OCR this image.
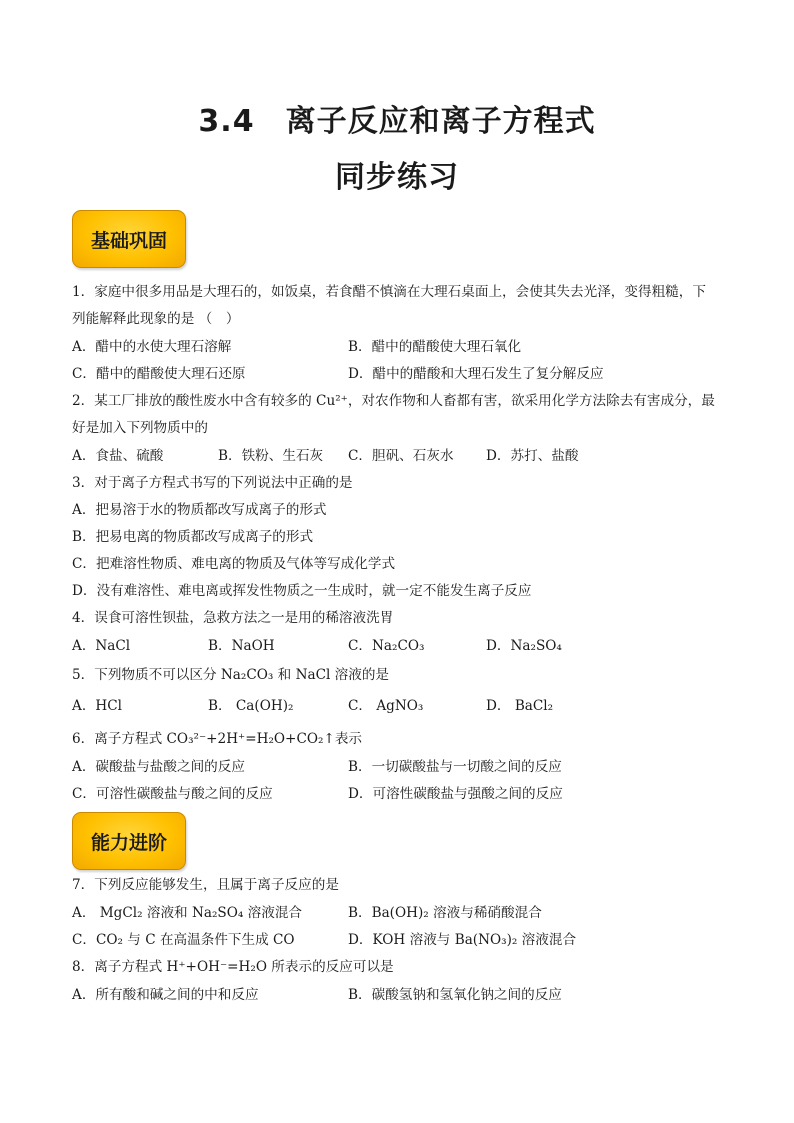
3.4　离子反应和离子方程式
同步练习
基础巩固
1．家庭中很多用品是大理石的，如饭桌，若食醋不慎滴在大理石桌面上，会使其失去光泽，变得粗糙，下
列能解释此现象的是 （　）
A．醋中的水使大理石溶解	B．醋中的醋酸使大理石氧化
C．醋中的醋酸使大理石还原	D．醋中的醋酸和大理石发生了复分解反应
2．某工厂排放的酸性废水中含有较多的 Cu²⁺，对农作物和人畜都有害，欲采用化学方法除去有害成分，最
好是加入下列物质中的
A．食盐、硫酸	B．铁粉、生石灰 C．胆矾、石灰水 D．苏打、盐酸
3．对于离子方程式书写的下列说法中正确的是
A．把易溶于水的物质都改写成离子的形式
B．把易电离的物质都改写成离子的形式
C．把难溶性物质、难电离的物质及气体等写成化学式
D．没有难溶性、难电离或挥发性物质之一生成时，就一定不能发生离子反应
4．误食可溶性钡盐，急救方法之一是用的稀溶液洗胃
A．NaCl	B．NaOH	C．Na₂CO₃	D．Na₂SO₄
5．下列物质不可以区分 Na₂CO₃ 和 NaCl 溶液的是
A．HCl	B． Ca(OH)₂	C． AgNO₃	D． BaCl₂
6．离子方程式 CO₃²⁻+2H⁺=H₂O+CO₂↑表示
A．碳酸盐与盐酸之间的反应	B．一切碳酸盐与一切酸之间的反应
C．可溶性碳酸盐与酸之间的反应	D．可溶性碳酸盐与强酸之间的反应
能力进阶
7．下列反应能够发生，且属于离子反应的是
A． MgCl₂ 溶液和 Na₂SO₄ 溶液混合	B．Ba(OH)₂ 溶液与稀硝酸混合
C．CO₂ 与 C 在高温条件下生成 CO	D．KOH 溶液与 Ba(NO₃)₂ 溶液混合
8．离子方程式 H⁺+OH⁻=H₂O 所表示的反应可以是
A．所有酸和碱之间的中和反应	B．碳酸氢钠和氢氧化钠之间的反应
